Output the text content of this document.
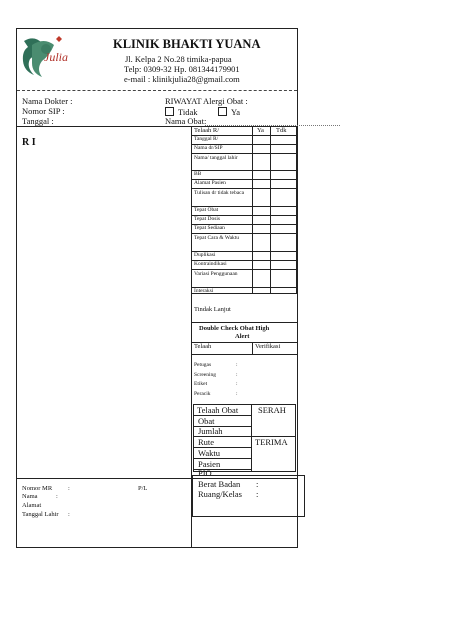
Julia
KLINIK BHAKTI YUANA
Jl. Kelpa 2 No.28 timika-papua
Telp: 0309-32 Hp. 081344179901
e-mail : klinikjulia28@gmail.com
Nama Dokter :
Nomor SIP :
Tanggal :
RIWAYAT Alergi Obat :
Tidak	Ya
Nama Obat:
R I
Telaah R/	Ya Tdk
Tanggal R/
Nama dr/SIP
Nama/ tanggal lahir
BB
Alamat Pasien
Tulisan dr tidak tebaca
Tepat Obat
Tepat Dosis
Tepat Sediaan
Tepat Cara & Waktu
Duplikasi
Kontraindikasi
Variasi Penggunaan
Interaksi
Tindak Lanjut
Double Check Obat High
Alert
Telaah	Verifikasi
Petugas	:
Screening	:
Etiket	:
Peracik	:
Telaah Obat SERAH
Obat
Jumlah
Rute	TERIMA
Waktu
Pasien
PIO
Nomor MR :	P/L
Nama	:
Alamat
Tanggal Lahir :
Berat Badan :
Ruang/Kelas :
